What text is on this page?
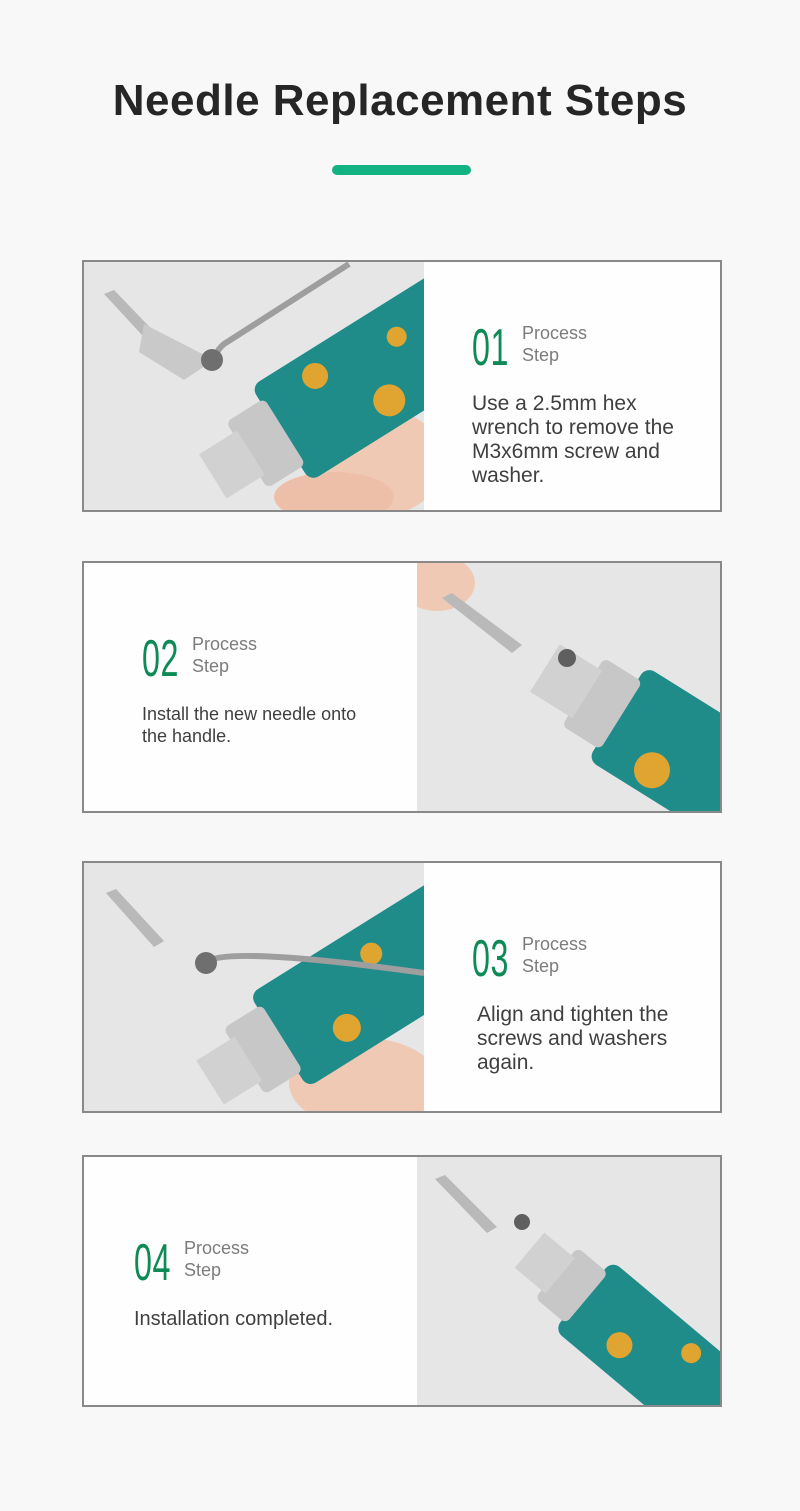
Needle Replacement Steps
01 Process
Step
Use a 2.5mm hex wrench to remove the M3x6mm screw and washer.
02 Process
Step
Install the new needle onto the handle.
03 Process
Step
Align and tighten the screws and washers again.
04 Process
Step
Installation completed.
